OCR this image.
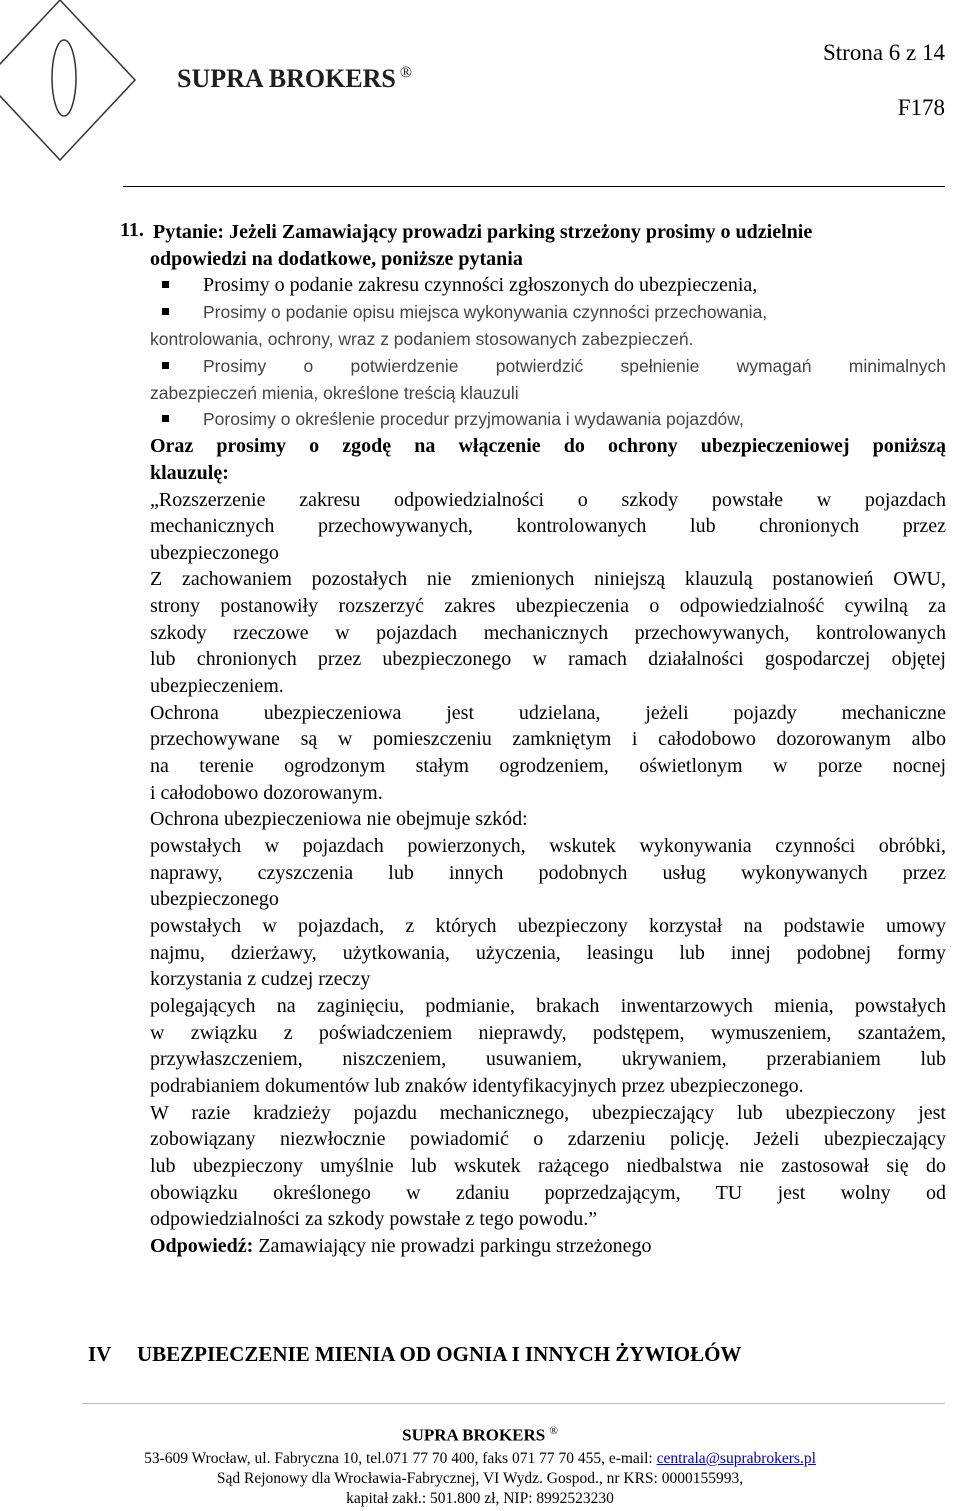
SUPRA BROKERS ®
Strona 6 z 14
F178
11. Pytanie: Jeżeli Zamawiający prowadzi parking strzeżony prosimy o udzielnie
odpowiedzi na dodatkowe, poniższe pytania
Prosimy o podanie zakresu czynności zgłoszonych do ubezpieczenia,
Prosimy o podanie opisu miejsca wykonywania czynności przechowania,
kontrolowania, ochrony, wraz z podaniem stosowanych zabezpieczeń.
Prosimy o potwierdzenie potwierdzić spełnienie wymagań minimalnych
zabezpieczeń mienia, określone treścią klauzuli
Porosimy o określenie procedur przyjmowania i wydawania pojazdów,
Oraz prosimy o zgodę na włączenie do ochrony ubezpieczeniowej poniższą
klauzulę:
„Rozszerzenie zakresu odpowiedzialności o szkody powstałe w pojazdach
mechanicznych przechowywanych, kontrolowanych lub chronionych przez
ubezpieczonego
Z zachowaniem pozostałych nie zmienionych niniejszą klauzulą postanowień OWU,
strony postanowiły rozszerzyć zakres ubezpieczenia o odpowiedzialność cywilną za
szkody rzeczowe w pojazdach mechanicznych przechowywanych, kontrolowanych
lub chronionych przez ubezpieczonego w ramach działalności gospodarczej objętej
ubezpieczeniem.
Ochrona ubezpieczeniowa jest udzielana, jeżeli pojazdy mechaniczne
przechowywane są w pomieszczeniu zamkniętym i całodobowo dozorowanym albo
na terenie ogrodzonym stałym ogrodzeniem, oświetlonym w porze nocnej
i całodobowo dozorowanym.
Ochrona ubezpieczeniowa nie obejmuje szkód:
powstałych w pojazdach powierzonych, wskutek wykonywania czynności obróbki,
naprawy, czyszczenia lub innych podobnych usług wykonywanych przez
ubezpieczonego
powstałych w pojazdach, z których ubezpieczony korzystał na podstawie umowy
najmu, dzierżawy, użytkowania, użyczenia, leasingu lub innej podobnej formy
korzystania z cudzej rzeczy
polegających na zaginięciu, podmianie, brakach inwentarzowych mienia, powstałych
w związku z poświadczeniem nieprawdy, podstępem, wymuszeniem, szantażem,
przywłaszczeniem, niszczeniem, usuwaniem, ukrywaniem, przerabianiem lub
podrabianiem dokumentów lub znaków identyfikacyjnych przez ubezpieczonego.
W razie kradzieży pojazdu mechanicznego, ubezpieczający lub ubezpieczony jest
zobowiązany niezwłocznie powiadomić o zdarzeniu policję. Jeżeli ubezpieczający
lub ubezpieczony umyślnie lub wskutek rażącego niedbalstwa nie zastosował się do
obowiązku określonego w zdaniu poprzedzającym, TU jest wolny od
odpowiedzialności za szkody powstałe z tego powodu.”
Odpowiedź: Zamawiający nie prowadzi parkingu strzeżonego
IV UBEZPIECZENIE MIENIA OD OGNIA I INNYCH ŻYWIOŁÓW
SUPRA BROKERS ®
53-609 Wrocław, ul. Fabryczna 10, tel.071 77 70 400, faks 071 77 70 455, e-mail: centrala@suprabrokers.pl
Sąd Rejonowy dla Wrocławia-Fabrycznej, VI Wydz. Gospod., nr KRS: 0000155993,
kapitał zakł.: 501.800 zł, NIP: 8992523230
